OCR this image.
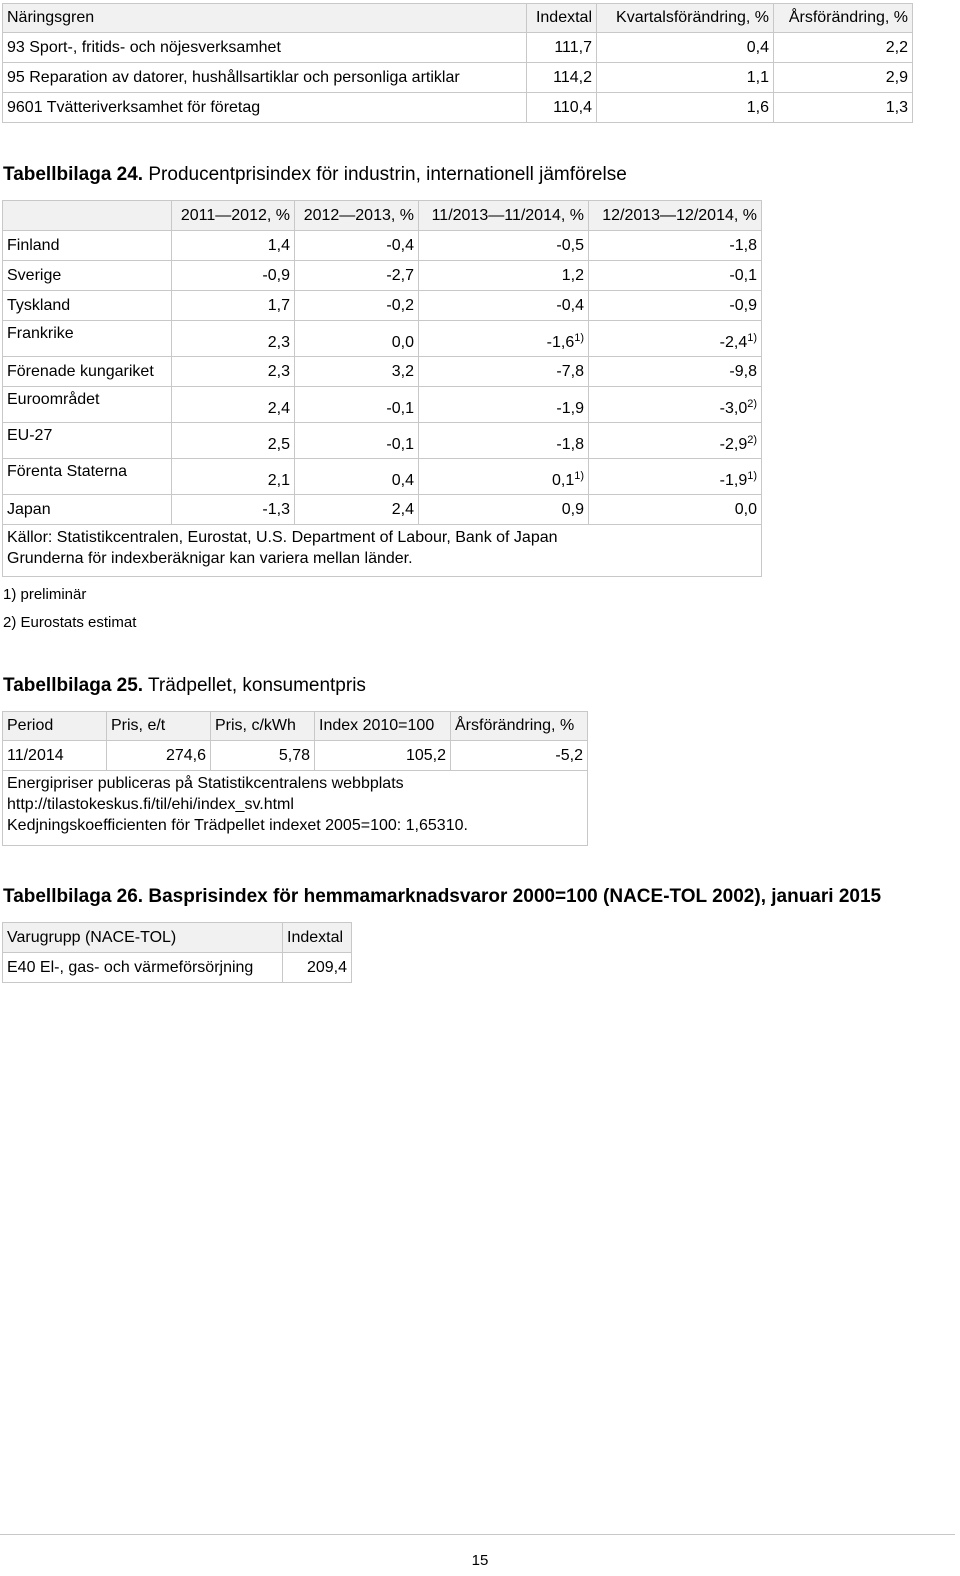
Näringsgren	Indextal	Kvartalsförändring, %	Årsförändring, %
93 Sport-, fritids- och nöjesverksamhet	111,7	0,4	2,2
95 Reparation av datorer, hushållsartiklar och personliga artiklar	114,2	1,1	2,9
9601 Tvätteriverksamhet för företag	110,4	1,6	1,3
Tabellbilaga 24. Producentprisindex för industrin, internationell jämförelse
	2011—2012, %	2012—2013, %	11/2013—11/2014, %	12/2013—12/2014, %
Finland	1,4	-0,4	-0,5	-1,8
Sverige	-0,9	-2,7	1,2	-0,1
Tyskland	1,7	-0,2	-0,4	-0,9
Frankrike	2,3	0,0	-1,6$^{1)}$	-2,4$^{1)}$
Förenade kungariket	2,3	3,2	-7,8	-9,8
Euroområdet	2,4	-0,1	-1,9	-3,0$^{2)}$
EU-27	2,5	-0,1	-1,8	-2,9$^{2)}$
Förenta Staterna	2,1	0,4	0,1$^{1)}$	-1,9$^{1)}$
Japan	-1,3	2,4	0,9	0,0

Källor: Statistikcentralen, Eurostat, U.S. Department of Labour, Bank of Japan
Grunderna för indexberäknigar kan variera mellan länder.				
1) preliminär
2) Eurostats estimat
Tabellbilaga 25. Trädpellet, konsumentpris
Period	Pris, e/t	Pris, c/kWh	Index 2010=100	Årsförändring, %
11/2014	274,6	5,78	105,2	-5,2

Energipriser publiceras på Statistikcentralens webbplats
http://tilastokeskus.fi/til/ehi/index_sv.html
Kedjningskoefficienten för Trädpellet indexet 2005=100: 1,65310.				
Tabellbilaga 26. Basprisindex för hemmamarknadsvaror 2000=100 (NACE-TOL 2002), januari 2015
Varugrupp (NACE-TOL)	Indextal
E40 El-, gas- och värmeförsörjning	209,4
15
